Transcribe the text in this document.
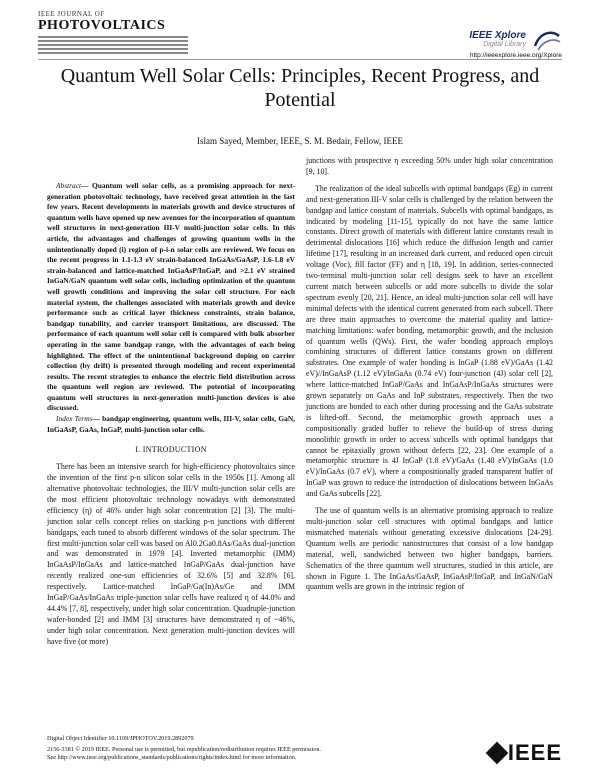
IEEE JOURNAL OF
PHOTOVOLTAICS
IEEE Xplore
Digital Library
http://ieeexplore.ieee.org/Xplore
Quantum Well Solar Cells: Principles, Recent Progress, and Potential
Islam Sayed, Member, IEEE, S. M. Bedair, Fellow, IEEE

Abstract— Quantum well solar cells, as a promising approach for next-generation photovoltaic technology, have received great attention in the last few years. Recent developments in materials growth and device structures of quantum wells have opened up new avenues for the incorporation of quantum well structures in next-generation III-V multi-junction solar cells. In this article, the advantages and challenges of growing quantum wells in the unintentionally doped (i) region of p-i-n solar cells are reviewed. We focus on the recent progress in 1.1-1.3 eV strain-balanced InGaAs/GaAsP, 1.6-1.8 eV strain-balanced and lattice-matched InGaAsP/InGaP, and >2.1 eV strained InGaN/GaN quantum well solar cells, including optimization of the quantum well growth conditions and improving the solar cell structure. For each material system, the challenges associated with materials growth and device performance such as critical layer thickness constraints, strain balance, bandgap tunability, and carrier transport limitations, are discussed. The performance of each quantum well solar cell is compared with bulk absorber operating in the same bandgap range, with the advantages of each being highlighted. The effect of the unintentional background doping on carrier collection (by drift) is presented through modeling and recent experimental results. The recent strategies to enhance the electric field distribution across the quantum well region are reviewed. The potential of incorporating quantum well structures in next-generation multi-junction devices is also discussed.

Index Terms— bandgap engineering, quantum wells, III-V, solar cells, GaN, InGaAsP, GaAs, InGaP, multi-junction solar cells.

I. INTRODUCTION

There has been an intensive search for high-efficiency photovoltaics since the invention of the first p-n silicon solar cells in the 1950s [1]. Among all alternative photovoltaic technologies, the III/V multi-junction solar cells are the most efficient photovoltaic technology nowadays with demonstrated efficiency (η) of 46% under high solar concentration [2] [3]. The multi-junction solar cells concept relies on stacking p-n junctions with different bandgaps, each tuned to absorb different windows of the solar spectrum. The first multi-junction solar cell was based on Al0.2Ga0.8As/GaAs dual-junction and was demonstrated in 1979 [4]. Inverted metamorphic (IMM) InGaAsP/InGaAs and lattice-matched InGaP/GaAs dual-junction have recently realized one-sun efficiencies of 32.6% [5] and 32.8% [6], respectively. Lattice-matched InGaP/Ga(In)As/Ge and IMM InGaP/GaAs/InGaAs triple-junction solar cells have realized η of 44.0% and 44.4% [7, 8], respectively, under high solar concentration. Quadruple-junction wafer-bonded [2] and IMM [3] structures have demonstrated η of ~46%, under high solar concentration. Next generation multi-junction devices will have five (or more)

junctions with prospective η exceeding 50% under high solar concentration [9, 10].

The realization of the ideal subcells with optimal bandgaps (Eg) in current and next-generation III-V solar cells is challenged by the relation between the bandgap and lattice constant of materials. Subcells with optimal bandgaps, as indicated by modeling [11-15], typically do not have the same lattice constants. Direct growth of materials with different lattice constants result in detrimental dislocations [16] which reduce the diffusion length and carrier lifetime [17], resulting in an increased dark current, and reduced open circuit voltage (Voc), fill factor (FF) and η [18, 19]. In addition, series-connected two-terminal multi-junction solar cell designs seek to have an excellent current match between subcells or add more subcells to divide the solar spectrum evenly [20, 21]. Hence, an ideal multi-junction solar cell will have minimal defects with the identical current generated from each subcell. There are three main approaches to overcome the material quality and lattice-matching limitations: wafer bonding, metamorphic growth, and the inclusion of quantum wells (QWs). First, the wafer bonding approach employs combining structures of different lattice constants grown on different substrates. One example of wafer bonding is InGaP (1.88 eV)/GaAs (1.42 eV)//InGaAsP (1.12 eV)/InGaAs (0.74 eV) four-junction (4J) solar cell [2], where lattice-matched InGaP/GaAs and InGaAsP/InGaAs structures were grown separately on GaAs and InP substrates, respectively. Then the two junctions are bonded to each other during processing and the GaAs substrate is lifted-off. Second, the metamorphic growth approach uses a compositionally graded buffer to relieve the build-up of stress during monolithic growth in order to access subcells with optimal bandgaps that cannot be epitaxially grown without defects [22, 23]. One example of a metamorphic structure is 4J InGaP (1.8 eV)/GaAs (1.40 eV)/InGaAs (1.0 eV)/InGaAs (0.7 eV), where a compositionally graded transparent buffer of InGaP was grown to reduce the introduction of dislocations between InGaAs and GaAs subcells [22].

The use of quantum wells is an alternative promising approach to realize multi-junction solar cell structures with optimal bandgaps and lattice mismatched materials without generating excessive dislocations [24-29]. Quantum wells are periodic nanostructures that consist of a low bandgap material, well, sandwiched between two higher bandgaps, barriers. Schematics of the three quantum well structures, studied in this article, are shown in Figure 1. The InGaAs/GaAsP, InGaAsP/InGaP, and InGaN/GaN quantum wells are grown in the intrinsic region of

Digital Object Identifier 10.1109/JPHOTOV.2019.2892079
2156-3381 © 2019 IEEE. Personal use is permitted, but republication/redistribution requires IEEE permission.
See http://www.ieee.org/publications_standards/publications/rights/index.html for more information.	IEEE
